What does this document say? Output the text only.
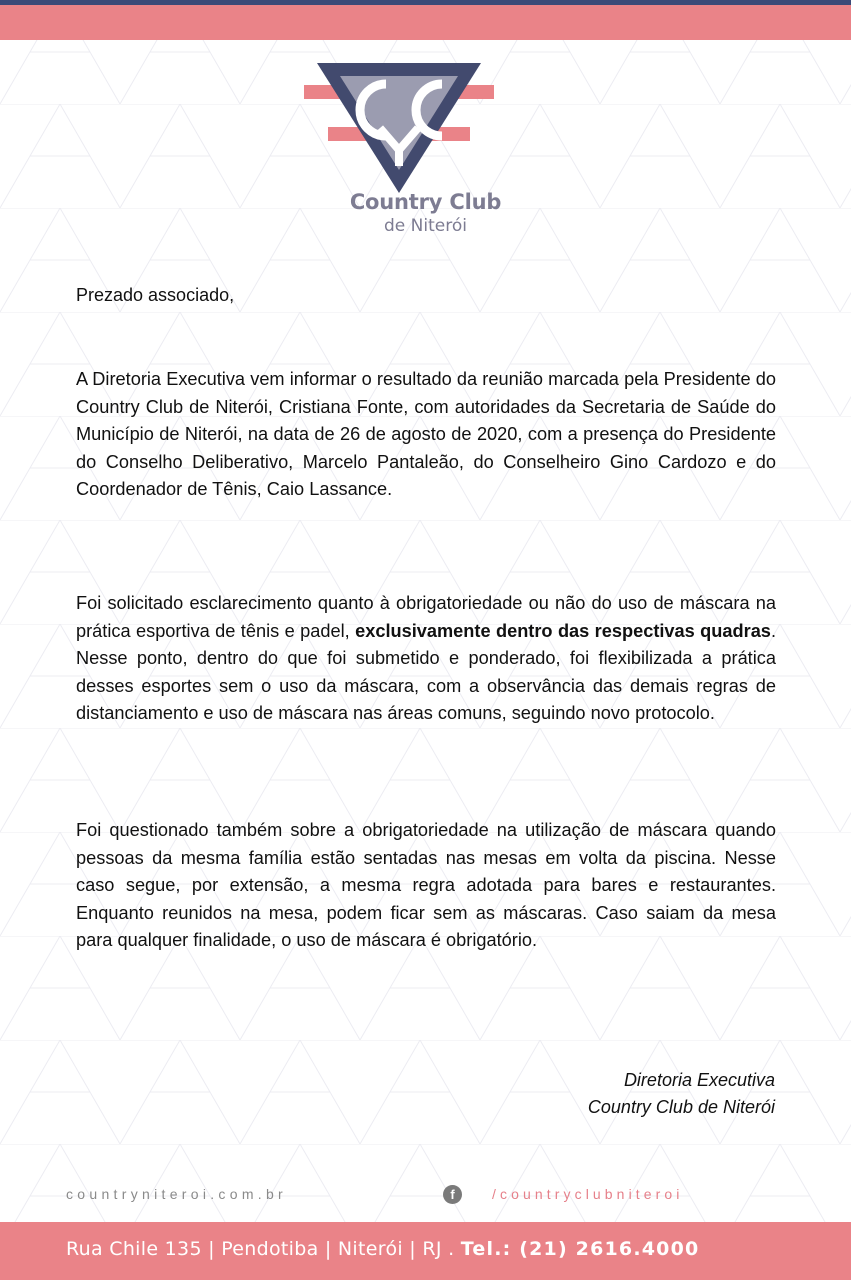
Country Club
de Niterói

Prezado associado,

A Diretoria Executiva vem informar o resultado da reunião marcada pela Presidente do Country Club de Niterói, Cristiana Fonte, com autoridades da Secretaria de Saúde do Município de Niterói, na data de 26 de agosto de 2020, com a presença do Presidente do Conselho Deliberativo, Marcelo Pantaleão, do Conselheiro Gino Cardozo e do Coordenador de Tênis, Caio Lassance.

Foi solicitado esclarecimento quanto à obrigatoriedade ou não do uso de máscara na prática esportiva de tênis e padel, exclusivamente dentro das respectivas quadras. Nesse ponto, dentro do que foi submetido e ponderado, foi flexibilizada a prática desses esportes sem o uso da máscara, com a observância das demais regras de distanciamento e uso de máscara nas áreas comuns, seguindo novo protocolo.

Foi questionado também sobre a obrigatoriedade na utilização de máscara quando pessoas da mesma família estão sentadas nas mesas em volta da piscina. Nesse caso segue, por extensão, a mesma regra adotada para bares e restaurantes. Enquanto reunidos na mesa, podem ficar sem as máscaras. Caso saiam da mesa para qualquer finalidade, o uso de máscara é obrigatório.

Diretoria Executiva
Country Club de Niterói
countryniteroi.com.br	f	/countryclubniteroi
Rua Chile 135 | Pendotiba | Niterói | RJ . Tel.: (21) 2616.4000
